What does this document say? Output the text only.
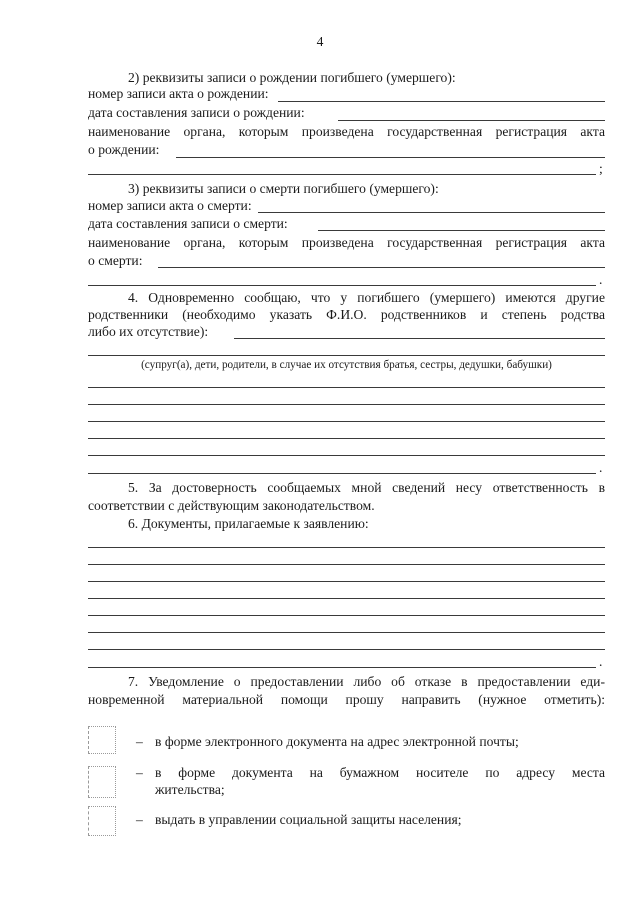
4
2) реквизиты записи о рождении погибшего (умершего):
номер записи акта о рождении:
дата составления записи о рождении:
наименование органа, которым произведена государственная регистрация акта
о рождении:
;
3) реквизиты записи о смерти погибшего (умершего):
номер записи акта о смерти:
дата составления записи о смерти:
наименование органа, которым произведена государственная регистрация акта
о смерти:
.
4. Одновременно сообщаю, что у погибшего (умершего) имеются другие
родственники (необходимо указать Ф.И.О. родственников и степень родства
либо их отсутствие):
(супруг(а), дети, родители, в случае их отсутствия братья, сестры, дедушки, бабушки)
.
5. За достоверность сообщаемых мной сведений несу ответственность в
соответствии с действующим законодательством.
6. Документы, прилагаемые к заявлению:
.
7. Уведомление о предоставлении либо об отказе в предоставлении еди-
новременной материальной помощи прошу направить (нужное отметить):
– в форме электронного документа на адрес электронной почты;
– в форме документа на бумажном носителе по адресу места
жительства;
– выдать в управлении социальной защиты населения;
